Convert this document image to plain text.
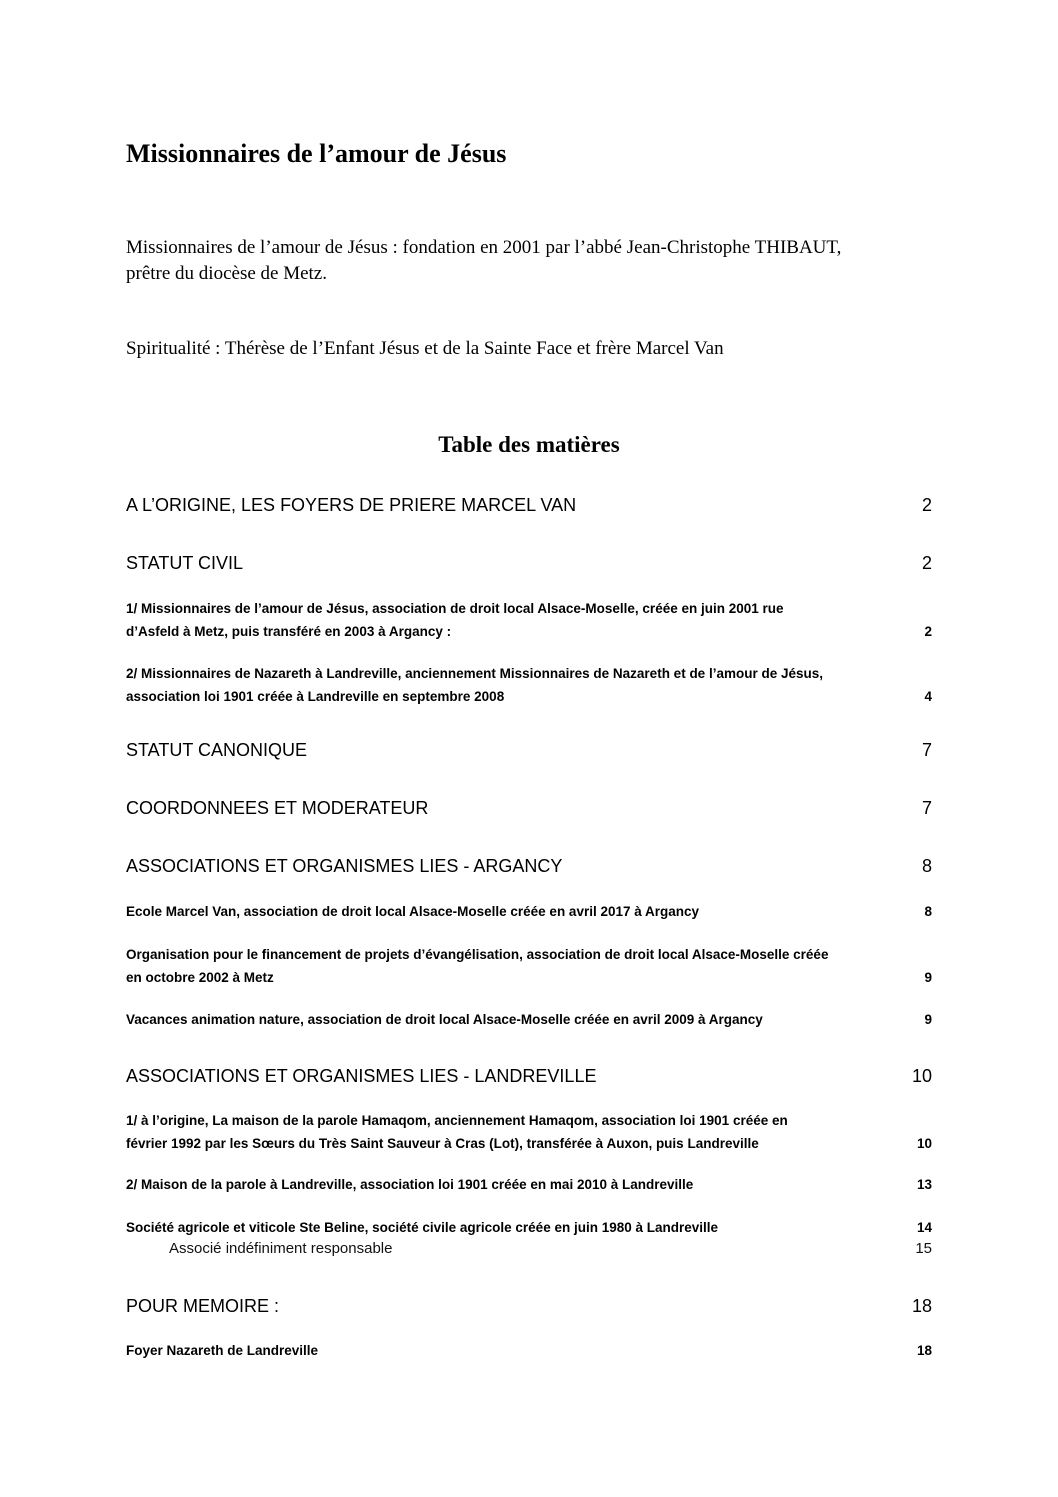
Missionnaires de l’amour de Jésus

Missionnaires de l’amour de Jésus : fondation en 2001 par l’abbé Jean-Christophe THIBAUT,
prêtre du diocèse de Metz.

Spiritualité : Thérèse de l’Enfant Jésus et de la Sainte Face et frère Marcel Van

Table des matières
A L’ORIGINE, LES FOYERS DE PRIERE MARCEL VAN	2
STATUT CIVIL	2
1/ Missionnaires de l’amour de Jésus, association de droit local Alsace-Moselle, créée en juin 2001 rue
d’Asfeld à Metz, puis transféré en 2003 à Argancy :	2
2/ Missionnaires de Nazareth à Landreville, anciennement Missionnaires de Nazareth et de l’amour de Jésus,
association loi 1901 créée à Landreville en septembre 2008	4
STATUT CANONIQUE	7
COORDONNEES ET MODERATEUR	7
ASSOCIATIONS ET ORGANISMES LIES - ARGANCY	8
Ecole Marcel Van, association de droit local Alsace-Moselle créée en avril 2017 à Argancy	8
Organisation pour le financement de projets d’évangélisation, association de droit local Alsace-Moselle créée
en octobre 2002 à Metz	9
Vacances animation nature, association de droit local Alsace-Moselle créée en avril 2009 à Argancy	9
ASSOCIATIONS ET ORGANISMES LIES - LANDREVILLE	10
1/ à l’origine, La maison de la parole Hamaqom, anciennement Hamaqom, association loi 1901 créée en
février 1992 par les Sœurs du Très Saint Sauveur à Cras (Lot), transférée à Auxon, puis Landreville	10
2/ Maison de la parole à Landreville, association loi 1901 créée en mai 2010 à Landreville	13
Société agricole et viticole Ste Beline, société civile agricole créée en juin 1980 à Landreville	14
Associé indéfiniment responsable	15
POUR MEMOIRE :	18
Foyer Nazareth de Landreville	18
